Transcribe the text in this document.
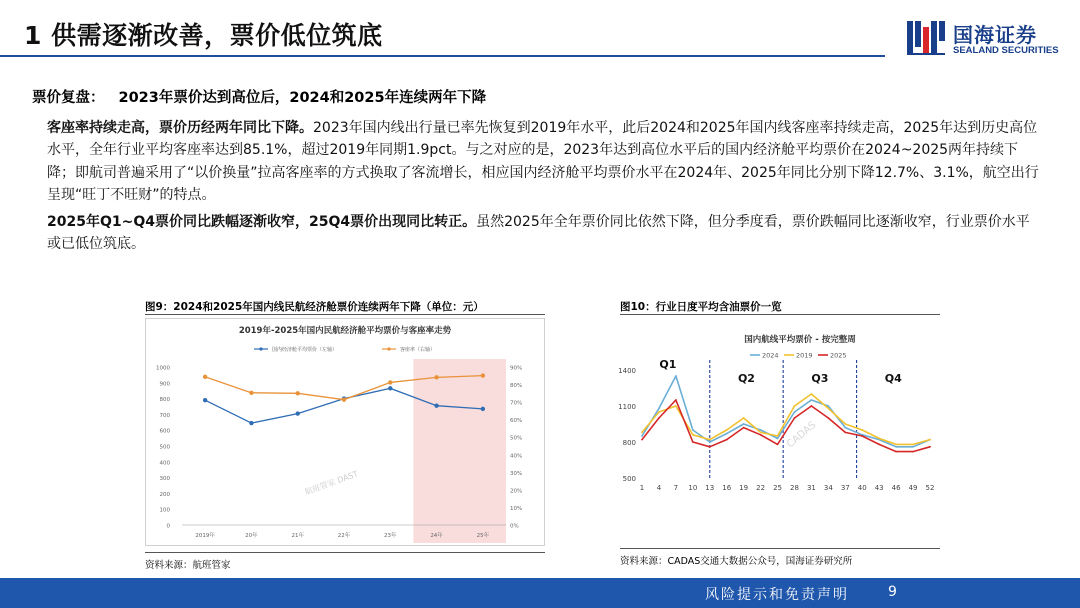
1 供需逐渐改善，票价低位筑底	国海证券
SEALAND SECURITIES
票价复盘： 2023年票价达到高位后，2024和2025年连续两年下降
客座率持续走高，票价历经两年同比下降。2023年国内线出行量已率先恢复到2019年水平，此后2024和2025年国内线客座率持续走高，2025年达到历史高位水平，全年行业平均客座率达到85.1%，超过2019年同期1.9pct。与之对应的是，2023年达到高位水平后的国内经济舱平均票价在2024~2025两年持续下降；即航司普遍采用了“以价换量”拉高客座率的方式换取了客流增长，相应国内经济舱平均票价水平在2024年、2025年同比分别下降12.7%、3.1%，航空出行呈现“旺丁不旺财”的特点。
2025年Q1~Q4票价同比跌幅逐渐收窄，25Q4票价出现同比转正。虽然2025年全年票价同比依然下降，但分季度看，票价跌幅同比逐渐收窄，行业票价水平或已低位筑底。
图9：2024和2025年国内线民航经济舱票价连续两年下降（单位：元）
2019年-2025年国内民航经济舱平均票价与客座率走势
国内经济舱平均票价（左轴）	客座率（右轴）
0
100
200
300
400
500
600
700
800
900
1000
0%
10%
20%
30%
40%
50%
60%
70%
80%
90%
2019年	20年	21年	22年	23年	24年	25年
航班管家 DAST
资料来源：航班管家
图10：行业日度平均含油票价一览
国内航线平均票价 - 按完整周
2024	2019	2025
500
800
1100
1400
1 4 7 10 13 16 19 22 25 28 31 34 37 40 43 46 49 52
Q1
Q2	Q3	Q4
CADAS
资料来源：CADAS交通大数据公众号，国海证券研究所
风险提示和免责声明	9
